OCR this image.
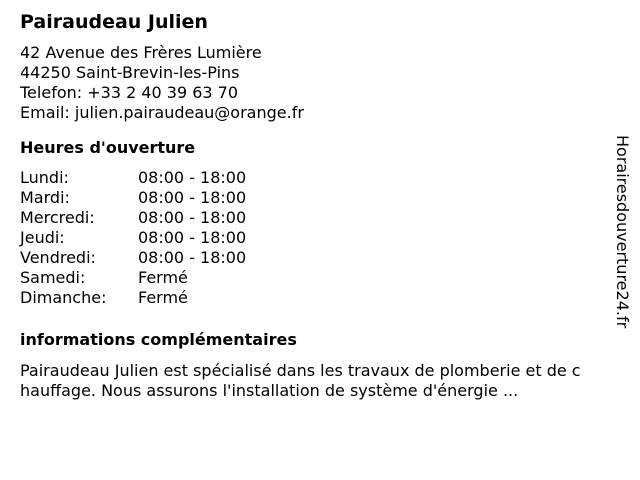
Pairaudeau Julien
42 Avenue des Frères Lumière
44250 Saint-Brevin-les-Pins
Telefon: +33 2 40 39 63 70
Email: julien.pairaudeau@orange.fr
Heures d'ouverture
Lundi:	08:00 - 18:00
Mardi:	08:00 - 18:00
Mercredi:	08:00 - 18:00
Jeudi:	08:00 - 18:00
Vendredi:	08:00 - 18:00
Samedi:	Fermé
Dimanche:	Fermé
informations complémentaires
Pairaudeau Julien est spécialisé dans les travaux de plomberie et de c
hauffage. Nous assurons l'installation de système d'énergie ...
Horairesdouverture24.fr
